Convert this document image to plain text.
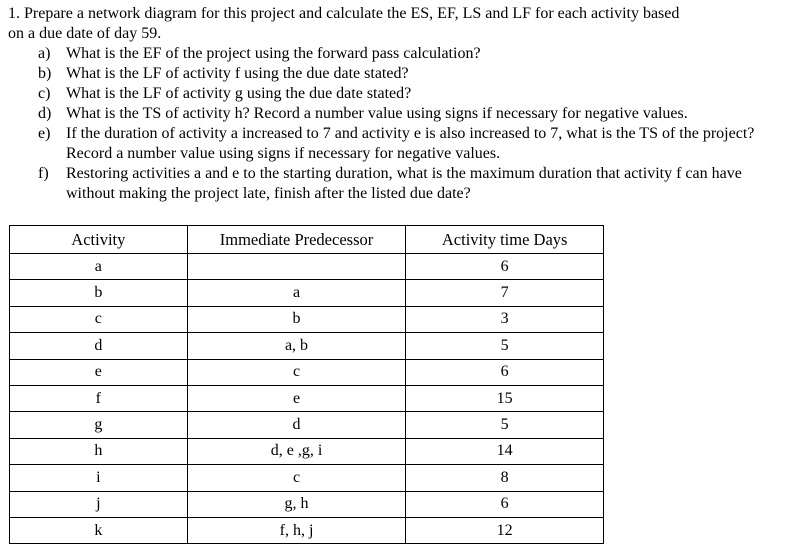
1. Prepare a network diagram for this project and calculate the ES, EF, LS and LF for each activity based
on a due date of day 59.
a) What is the EF of the project using the forward pass calculation?
b) What is the LF of activity f using the due date stated?
c) What is the LF of activity g using the due date stated?
d) What is the TS of activity h? Record a number value using signs if necessary for negative values.
e) If the duration of activity a increased to 7 and activity e is also increased to 7, what is the TS of the project? Record a number value using signs if necessary for negative values.
f) Restoring activities a and e to the starting duration, what is the maximum duration that activity f can have without making the project late, finish after the listed due date?
Activity	Immediate Predecessor	Activity time Days
a		6
b	a	7
c	b	3
d	a, b	5
e	c	6
f	e	15
g	d	5
h	d, e ,g, i	14
i	c	8
j	g, h	6
k	f, h, j	12
